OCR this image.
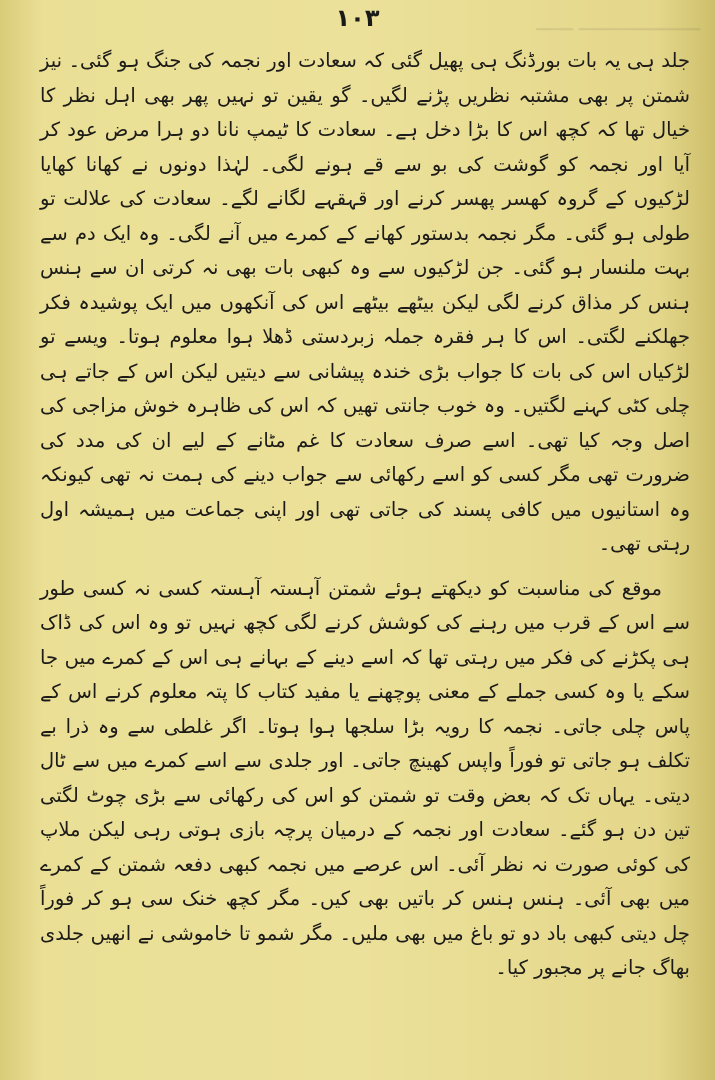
ـــــــــــــــــــــــ ـــــــ
١٠٣

جلد ہی یہ بات بورڈنگ ہی پھیل گئی کہ سعادت اور نجمہ کی جنگ ہو گئی۔ نیز شمتن پر بھی مشتبہ نظریں پڑنے لگیں۔ گو یقین تو نہیں پھر بھی اہل نظر کا خیال تھا کہ کچھ اس کا بڑا دخل ہے۔ سعادت کا ٹیمپ نانا دو ہرا مرض عود کر آیا اور نجمہ کو گوشت کی بو سے قے ہونے لگی۔ لہٰذا دونوں نے کھانا کھایا لڑکیوں کے گروہ کھسر پھسر کرنے اور قہقہے لگانے لگے۔ سعادت کی علالت تو طولی ہو گئی۔ مگر نجمہ بدستور کھانے کے کمرے میں آنے لگی۔ وہ ایک دم سے بہت ملنسار ہو گئی۔ جن لڑکیوں سے وہ کبھی بات بھی نہ کرتی ان سے ہنس ہنس کر مذاق کرنے لگی لیکن بیٹھے بیٹھے اس کی آنکھوں میں ایک پوشیدہ فکر جھلکنے لگتی۔ اس کا ہر فقرہ جملہ زبردستی ڈھلا ہوا معلوم ہوتا۔ ویسے تو لڑکیاں اس کی بات کا جواب بڑی خندہ پیشانی سے دیتیں لیکن اس کے جاتے ہی چلی کٹی کہنے لگتیں۔ وہ خوب جانتی تھیں کہ اس کی ظاہرہ خوش مزاجی کی اصل وجہ کیا تھی۔ اسے صرف سعادت کا غم مٹانے کے لیے ان کی مدد کی ضرورت تھی مگر کسی کو اسے رکھائی سے جواب دینے کی ہمت نہ تھی کیونکہ وہ استانیوں میں کافی پسند کی جاتی تھی اور اپنی جماعت میں ہمیشہ اول رہتی تھی۔

موقع کی مناسبت کو دیکھتے ہوئے شمتن آہستہ آہستہ کسی نہ کسی طور سے اس کے قرب میں رہنے کی کوشش کرنے لگی کچھ نہیں تو وہ اس کی ڈاک ہی پکڑنے کی فکر میں رہتی تھا کہ اسے دینے کے بہانے ہی اس کے کمرے میں جا سکے یا وہ کسی جملے کے معنی پوچھنے یا مفید کتاب کا پتہ معلوم کرنے اس کے پاس چلی جاتی۔ نجمہ کا رویہ بڑا سلجھا ہوا ہوتا۔ اگر غلطی سے وہ ذرا بے تکلف ہو جاتی تو فوراً واپس کھینچ جاتی۔ اور جلدی سے اسے کمرے میں سے ٹال دیتی۔ یہاں تک کہ بعض وقت تو شمتن کو اس کی رکھائی سے بڑی چوٹ لگتی تین دن ہو گئے۔ سعادت اور نجمہ کے درمیان پرچہ بازی ہوتی رہی لیکن ملاپ کی کوئی صورت نہ نظر آئی۔ اس عرصے میں نجمہ کبھی دفعہ شمتن کے کمرے میں بھی آئی۔ ہنس ہنس کر باتیں بھی کیں۔ مگر کچھ خنک سی ہو کر فوراً چل دیتی کبھی باد دو تو باغ میں بھی ملیں۔ مگر شمو تا خاموشی نے انھیں جلدی بھاگ جانے پر مجبور کیا۔
